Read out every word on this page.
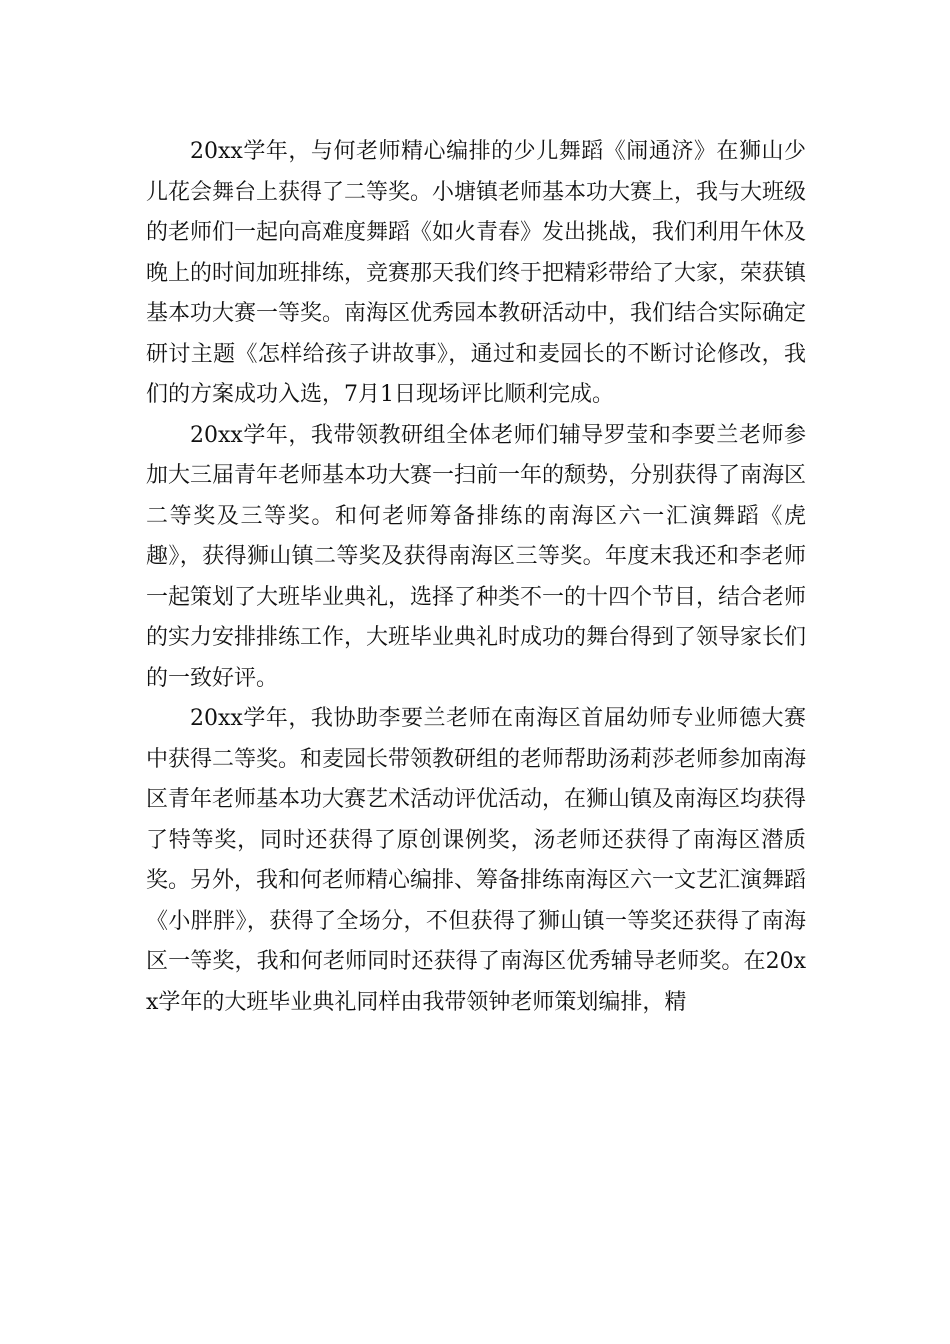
20xx学年，与何老师精心编排的少儿舞蹈《闹通济》在狮山少儿花会舞台上获得了二等奖。小塘镇老师基本功大赛上，我与大班级的老师们一起向高难度舞蹈《如火青春》发出挑战，我们利用午休及晚上的时间加班排练，竞赛那天我们终于把精彩带给了大家，荣获镇基本功大赛一等奖。南海区优秀园本教研活动中，我们结合实际确定研讨主题《怎样给孩子讲故事》，通过和麦园长的不断讨论修改，我们的方案成功入选，7月1日现场评比顺利完成。

20xx学年，我带领教研组全体老师们辅导罗莹和李要兰老师参加大三届青年老师基本功大赛一扫前一年的颓势，分别获得了南海区二等奖及三等奖。和何老师筹备排练的南海区六一汇演舞蹈《虎趣》，获得狮山镇二等奖及获得南海区三等奖。年度末我还和李老师一起策划了大班毕业典礼，选择了种类不一的十四个节目，结合老师的实力安排排练工作，大班毕业典礼时成功的舞台得到了领导家长们的一致好评。

20xx学年，我协助李要兰老师在南海区首届幼师专业师德大赛中获得二等奖。和麦园长带领教研组的老师帮助汤莉莎老师参加南海区青年老师基本功大赛艺术活动评优活动，在狮山镇及南海区均获得了特等奖，同时还获得了原创课例奖，汤老师还获得了南海区潜质奖。另外，我和何老师精心编排、筹备排练南海区六一文艺汇演舞蹈《小胖胖》，获得了全场分，不但获得了狮山镇一等奖还获得了南海区一等奖，我和何老师同时还获得了南海区优秀辅导老师奖。在20xx学年的大班毕业典礼同样由我带领钟老师策划编排，精
